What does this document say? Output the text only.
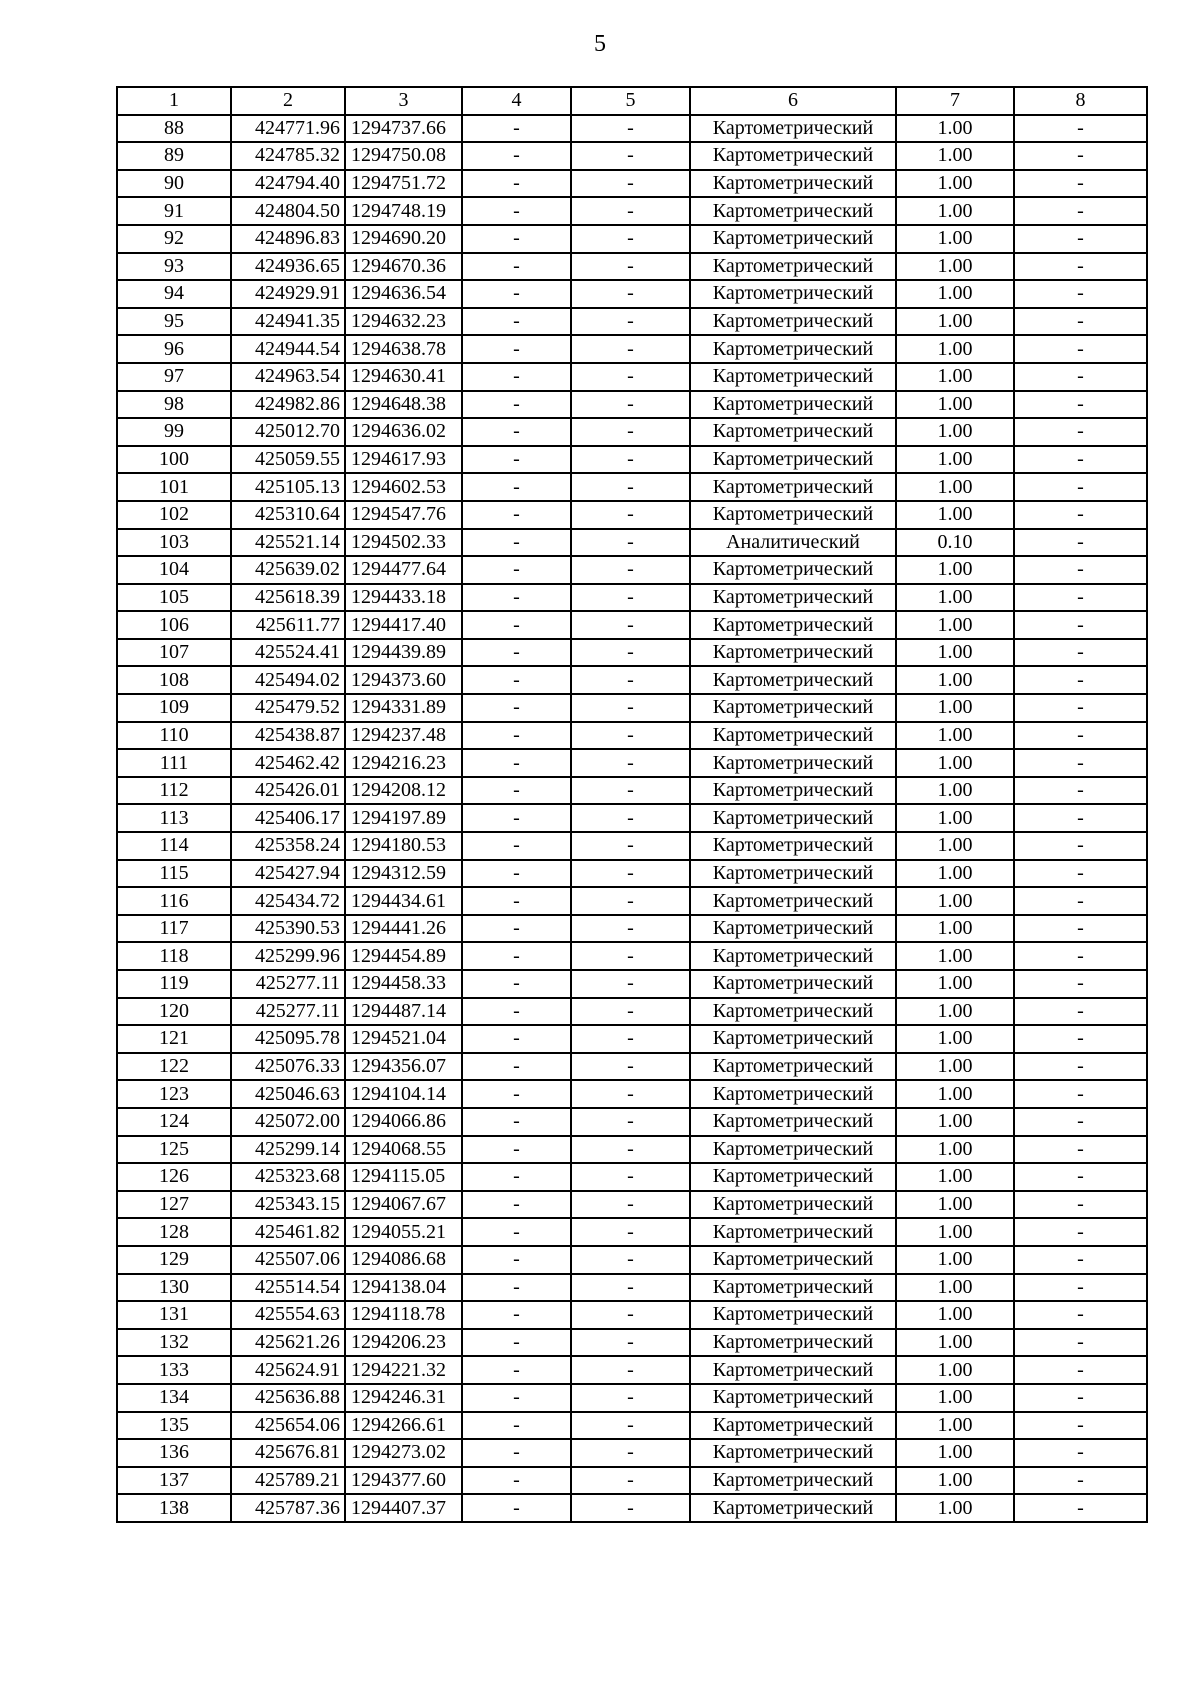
5
1	2	3	4	5	6	7	8
88	424771.96	1294737.66	-	-	Картометрический	1.00	-
89	424785.32	1294750.08	-	-	Картометрический	1.00	-
90	424794.40	1294751.72	-	-	Картометрический	1.00	-
91	424804.50	1294748.19	-	-	Картометрический	1.00	-
92	424896.83	1294690.20	-	-	Картометрический	1.00	-
93	424936.65	1294670.36	-	-	Картометрический	1.00	-
94	424929.91	1294636.54	-	-	Картометрический	1.00	-
95	424941.35	1294632.23	-	-	Картометрический	1.00	-
96	424944.54	1294638.78	-	-	Картометрический	1.00	-
97	424963.54	1294630.41	-	-	Картометрический	1.00	-
98	424982.86	1294648.38	-	-	Картометрический	1.00	-
99	425012.70	1294636.02	-	-	Картометрический	1.00	-
100	425059.55	1294617.93	-	-	Картометрический	1.00	-
101	425105.13	1294602.53	-	-	Картометрический	1.00	-
102	425310.64	1294547.76	-	-	Картометрический	1.00	-
103	425521.14	1294502.33	-	-	Аналитический	0.10	-
104	425639.02	1294477.64	-	-	Картометрический	1.00	-
105	425618.39	1294433.18	-	-	Картометрический	1.00	-
106	425611.77	1294417.40	-	-	Картометрический	1.00	-
107	425524.41	1294439.89	-	-	Картометрический	1.00	-
108	425494.02	1294373.60	-	-	Картометрический	1.00	-
109	425479.52	1294331.89	-	-	Картометрический	1.00	-
110	425438.87	1294237.48	-	-	Картометрический	1.00	-
111	425462.42	1294216.23	-	-	Картометрический	1.00	-
112	425426.01	1294208.12	-	-	Картометрический	1.00	-
113	425406.17	1294197.89	-	-	Картометрический	1.00	-
114	425358.24	1294180.53	-	-	Картометрический	1.00	-
115	425427.94	1294312.59	-	-	Картометрический	1.00	-
116	425434.72	1294434.61	-	-	Картометрический	1.00	-
117	425390.53	1294441.26	-	-	Картометрический	1.00	-
118	425299.96	1294454.89	-	-	Картометрический	1.00	-
119	425277.11	1294458.33	-	-	Картометрический	1.00	-
120	425277.11	1294487.14	-	-	Картометрический	1.00	-
121	425095.78	1294521.04	-	-	Картометрический	1.00	-
122	425076.33	1294356.07	-	-	Картометрический	1.00	-
123	425046.63	1294104.14	-	-	Картометрический	1.00	-
124	425072.00	1294066.86	-	-	Картометрический	1.00	-
125	425299.14	1294068.55	-	-	Картометрический	1.00	-
126	425323.68	1294115.05	-	-	Картометрический	1.00	-
127	425343.15	1294067.67	-	-	Картометрический	1.00	-
128	425461.82	1294055.21	-	-	Картометрический	1.00	-
129	425507.06	1294086.68	-	-	Картометрический	1.00	-
130	425514.54	1294138.04	-	-	Картометрический	1.00	-
131	425554.63	1294118.78	-	-	Картометрический	1.00	-
132	425621.26	1294206.23	-	-	Картометрический	1.00	-
133	425624.91	1294221.32	-	-	Картометрический	1.00	-
134	425636.88	1294246.31	-	-	Картометрический	1.00	-
135	425654.06	1294266.61	-	-	Картометрический	1.00	-
136	425676.81	1294273.02	-	-	Картометрический	1.00	-
137	425789.21	1294377.60	-	-	Картометрический	1.00	-
138	425787.36	1294407.37	-	-	Картометрический	1.00	-
